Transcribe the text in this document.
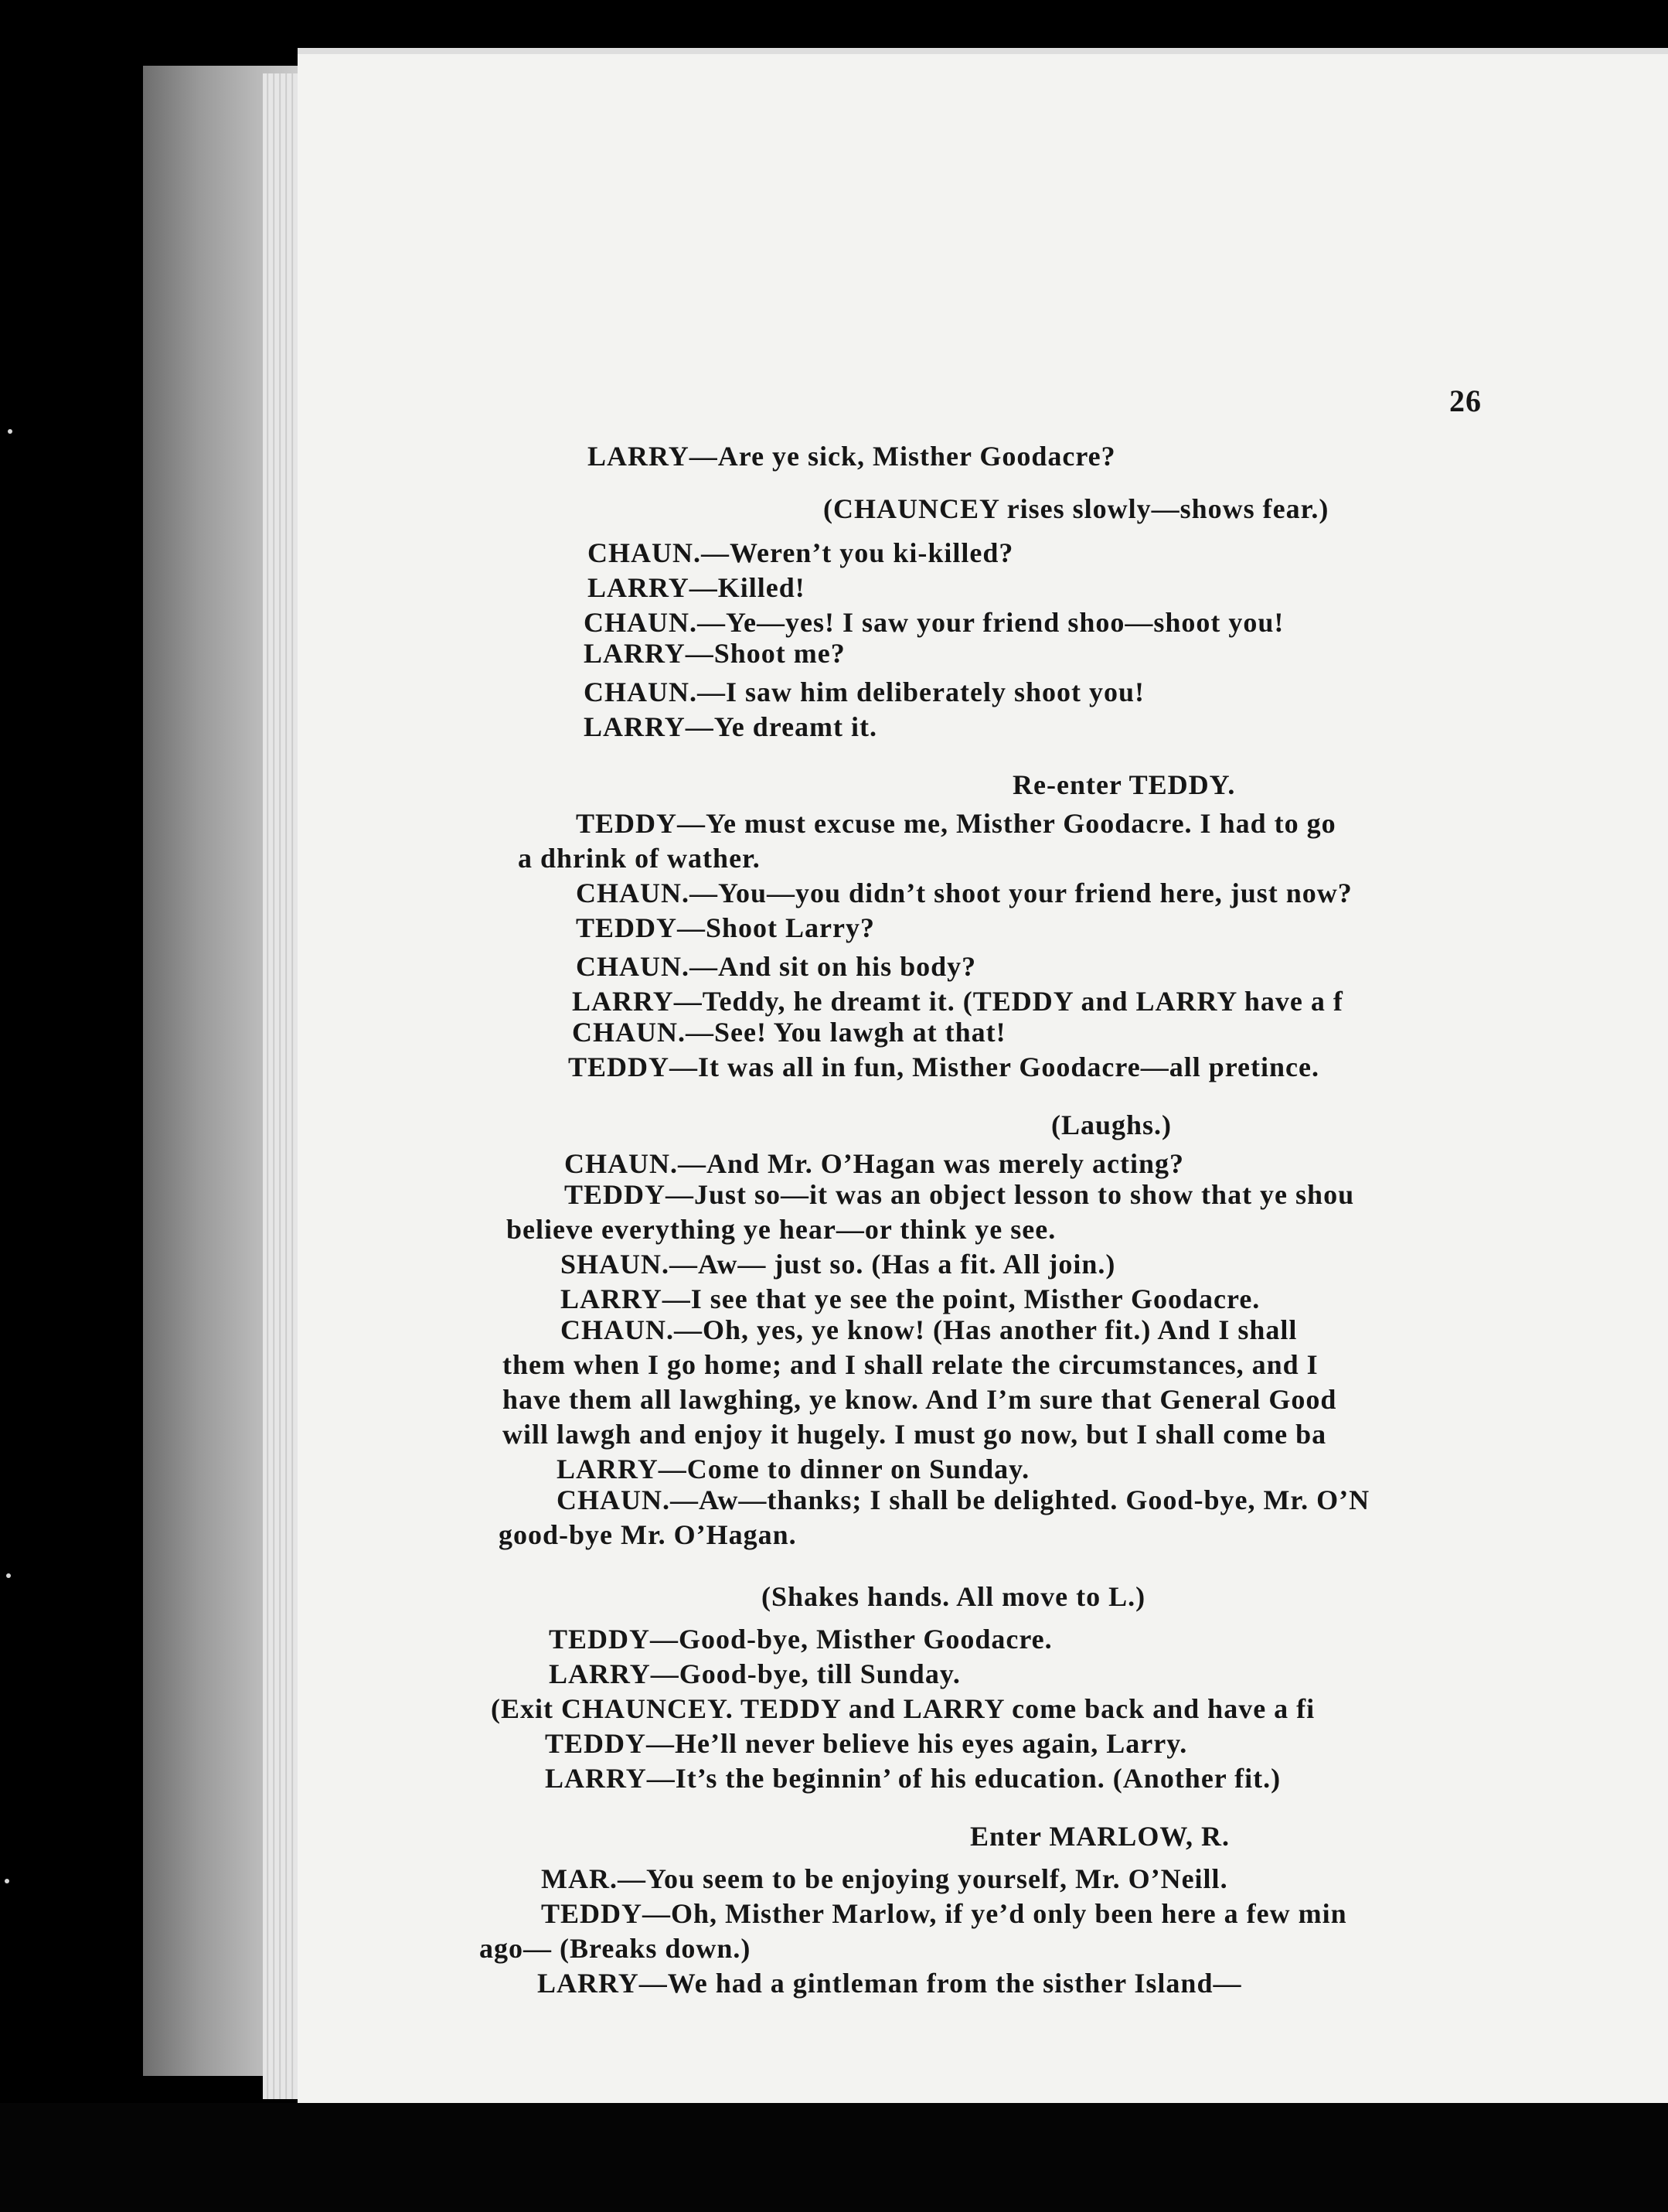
26
LARRY—Are ye sick, Misther Goodacre?
(CHAUNCEY rises slowly—shows fear.)
CHAUN.—Weren’t you ki-killed?
LARRY—Killed!
CHAUN.—Ye—yes! I saw your friend shoo—shoot you!
LARRY—Shoot me?
CHAUN.—I saw him deliberately shoot you!
LARRY—Ye dreamt it.
Re-enter TEDDY.
TEDDY—Ye must excuse me, Misther Goodacre. I had to go
a dhrink of wather.
CHAUN.—You—you didn’t shoot your friend here, just now?
TEDDY—Shoot Larry?
CHAUN.—And sit on his body?
LARRY—Teddy, he dreamt it. (TEDDY and LARRY have a f
CHAUN.—See! You lawgh at that!
TEDDY—It was all in fun, Misther Goodacre—all pretince.
(Laughs.)
CHAUN.—And Mr. O’Hagan was merely acting?
TEDDY—Just so—it was an object lesson to show that ye shou
believe everything ye hear—or think ye see.
SHAUN.—Aw— just so. (Has a fit. All join.)
LARRY—I see that ye see the point, Misther Goodacre.
CHAUN.—Oh, yes, ye know! (Has another fit.) And I shall
them when I go home; and I shall relate the circumstances, and I
have them all lawghing, ye know. And I’m sure that General Good
will lawgh and enjoy it hugely. I must go now, but I shall come ba
LARRY—Come to dinner on Sunday.
CHAUN.—Aw—thanks; I shall be delighted. Good-bye, Mr. O’N
good-bye Mr. O’Hagan.
(Shakes hands. All move to L.)
TEDDY—Good-bye, Misther Goodacre.
LARRY—Good-bye, till Sunday.
(Exit CHAUNCEY. TEDDY and LARRY come back and have a fi
TEDDY—He’ll never believe his eyes again, Larry.
LARRY—It’s the beginnin’ of his education. (Another fit.)
Enter MARLOW, R.
MAR.—You seem to be enjoying yourself, Mr. O’Neill.
TEDDY—Oh, Misther Marlow, if ye’d only been here a few min
ago— (Breaks down.)
LARRY—We had a gintleman from the sisther Island—
